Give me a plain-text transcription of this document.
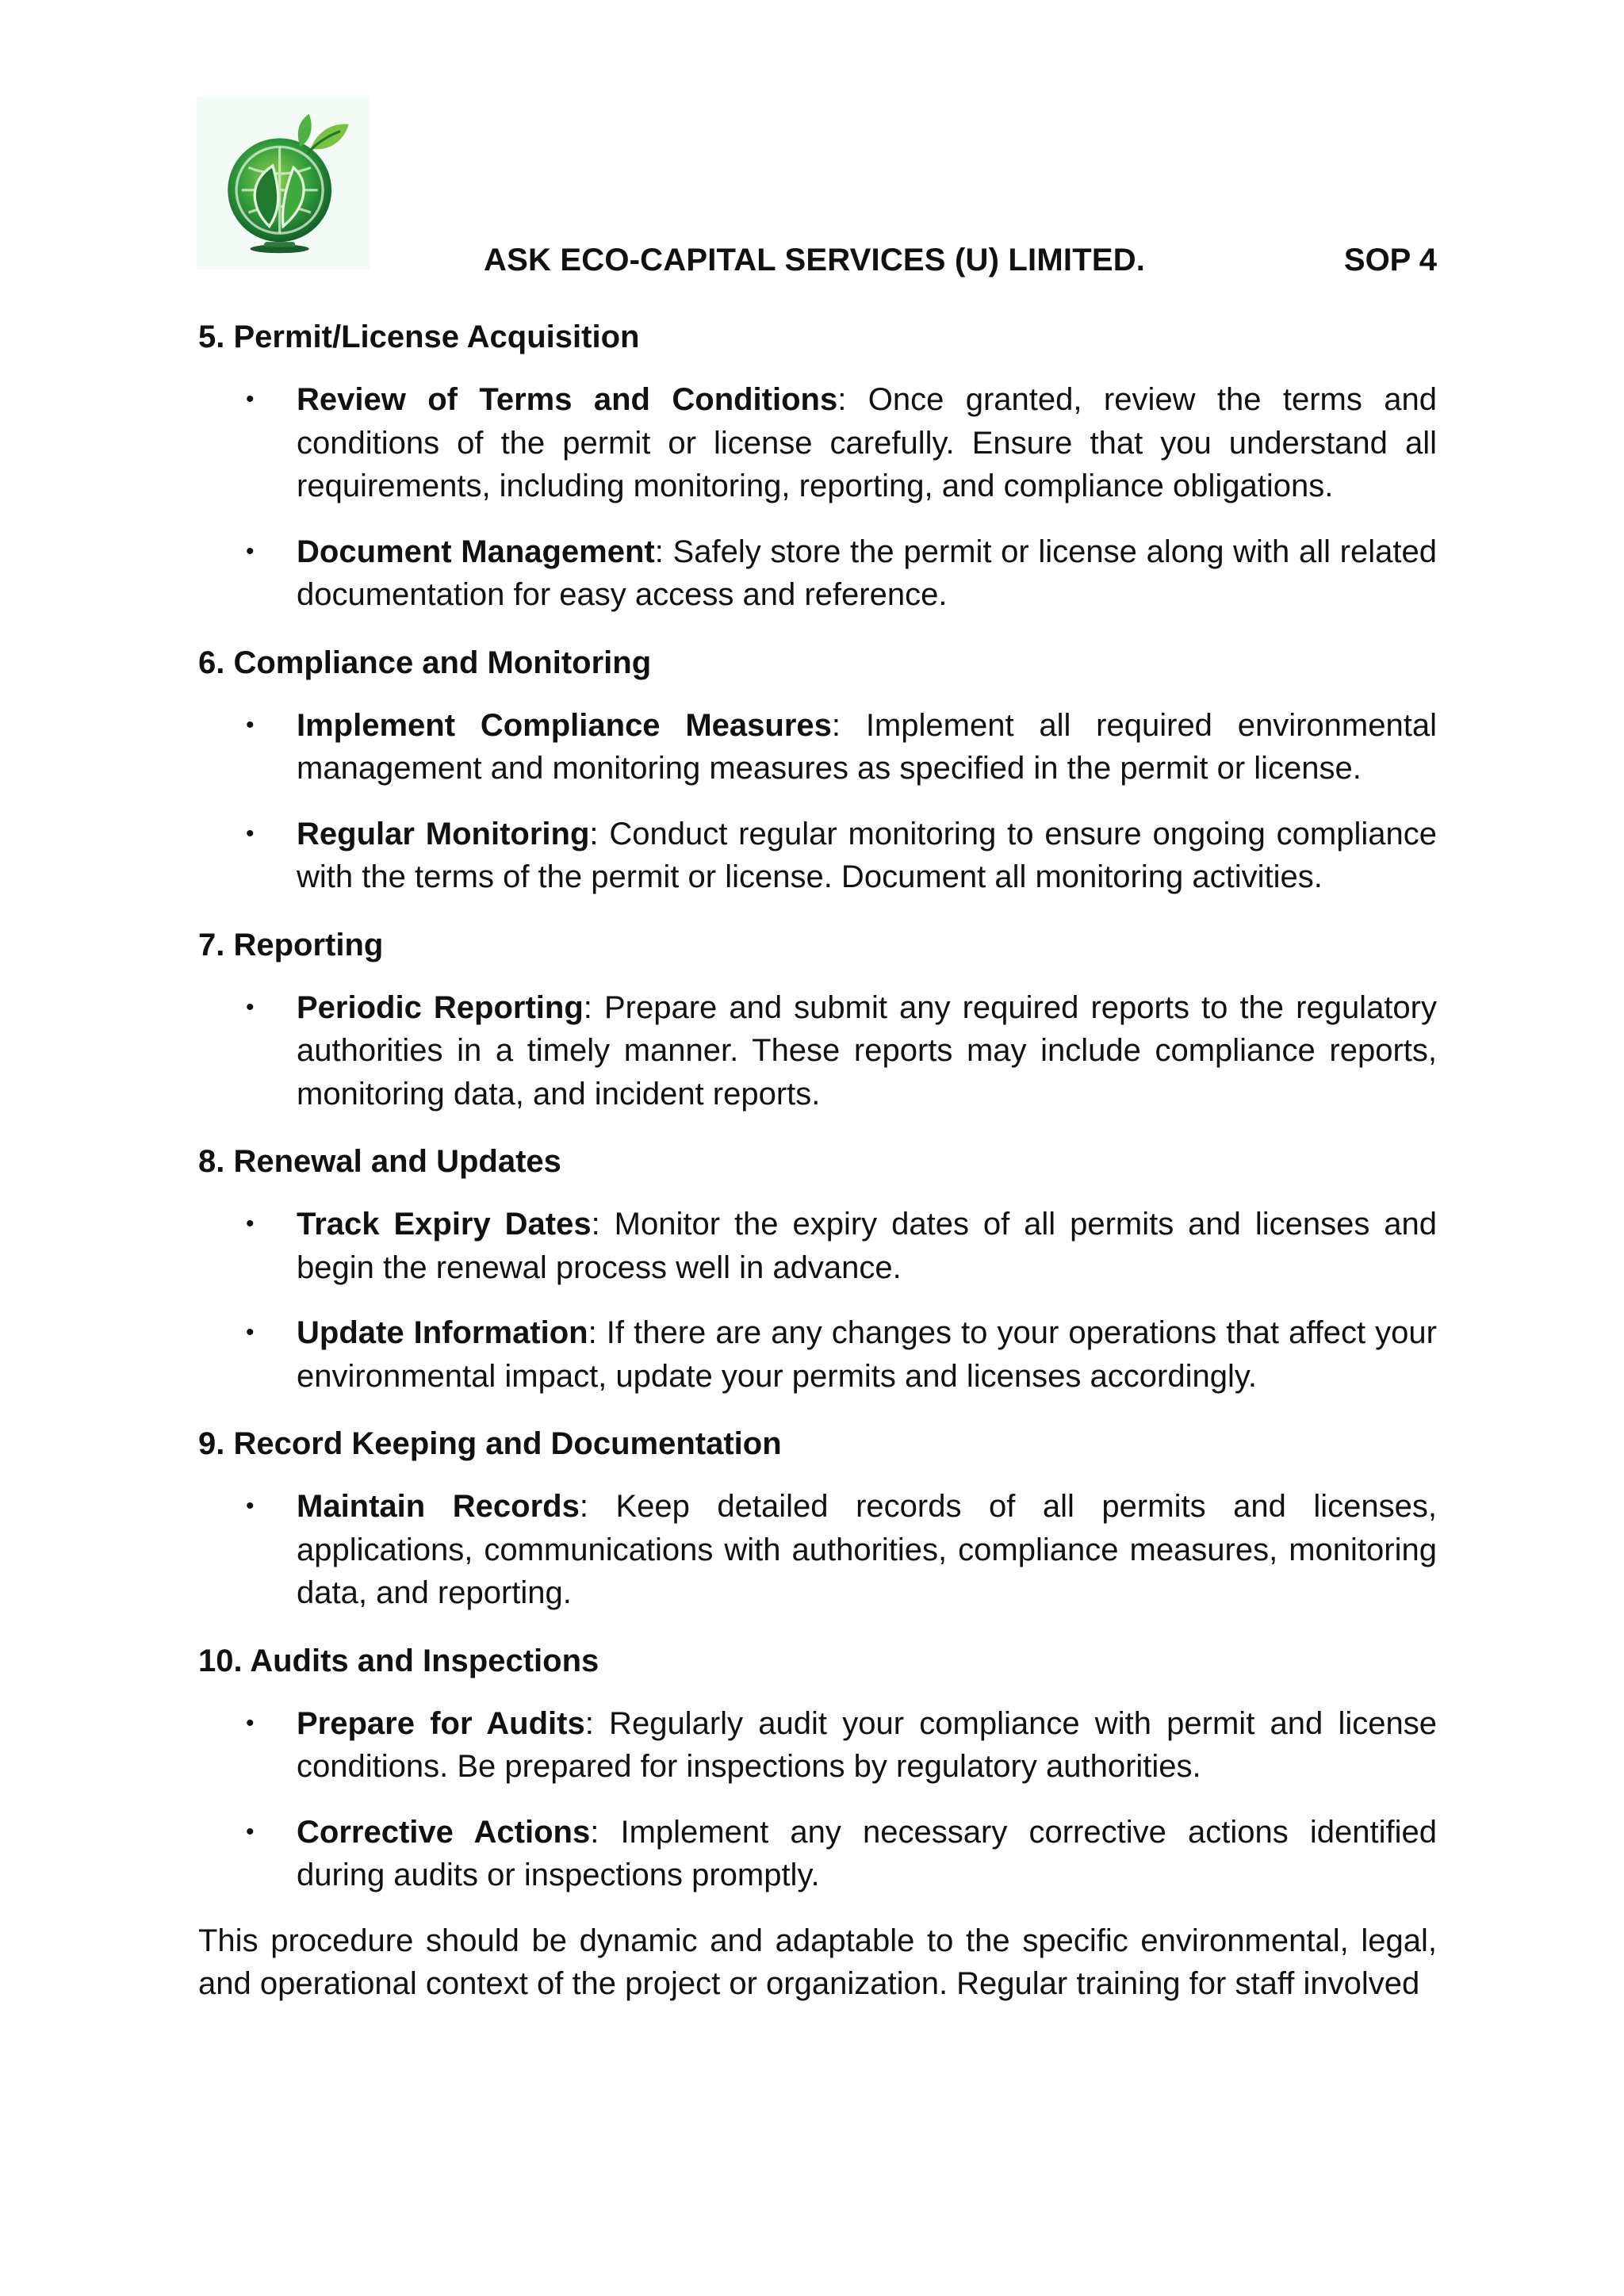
ASK ECO-CAPITAL SERVICES (U) LIMITED.	SOP 4
5. Permit/License Acquisition
• Review of Terms and Conditions: Once granted, review the terms and conditions of the permit or license carefully. Ensure that you understand all requirements, including monitoring, reporting, and compliance obligations.
• Document Management: Safely store the permit or license along with all related documentation for easy access and reference.
6. Compliance and Monitoring
• Implement Compliance Measures: Implement all required environmental management and monitoring measures as specified in the permit or license.
• Regular Monitoring: Conduct regular monitoring to ensure ongoing compliance with the terms of the permit or license. Document all monitoring activities.
7. Reporting
• Periodic Reporting: Prepare and submit any required reports to the regulatory authorities in a timely manner. These reports may include compliance reports, monitoring data, and incident reports.
8. Renewal and Updates
• Track Expiry Dates: Monitor the expiry dates of all permits and licenses and begin the renewal process well in advance.
• Update Information: If there are any changes to your operations that affect your environmental impact, update your permits and licenses accordingly.
9. Record Keeping and Documentation
• Maintain Records: Keep detailed records of all permits and licenses, applications, communications with authorities, compliance measures, monitoring data, and reporting.
10. Audits and Inspections
• Prepare for Audits: Regularly audit your compliance with permit and license conditions. Be prepared for inspections by regulatory authorities.
• Corrective Actions: Implement any necessary corrective actions identified during audits or inspections promptly.
This procedure should be dynamic and adaptable to the specific environmental, legal, and operational context of the project or organization. Regular training for staff involved
